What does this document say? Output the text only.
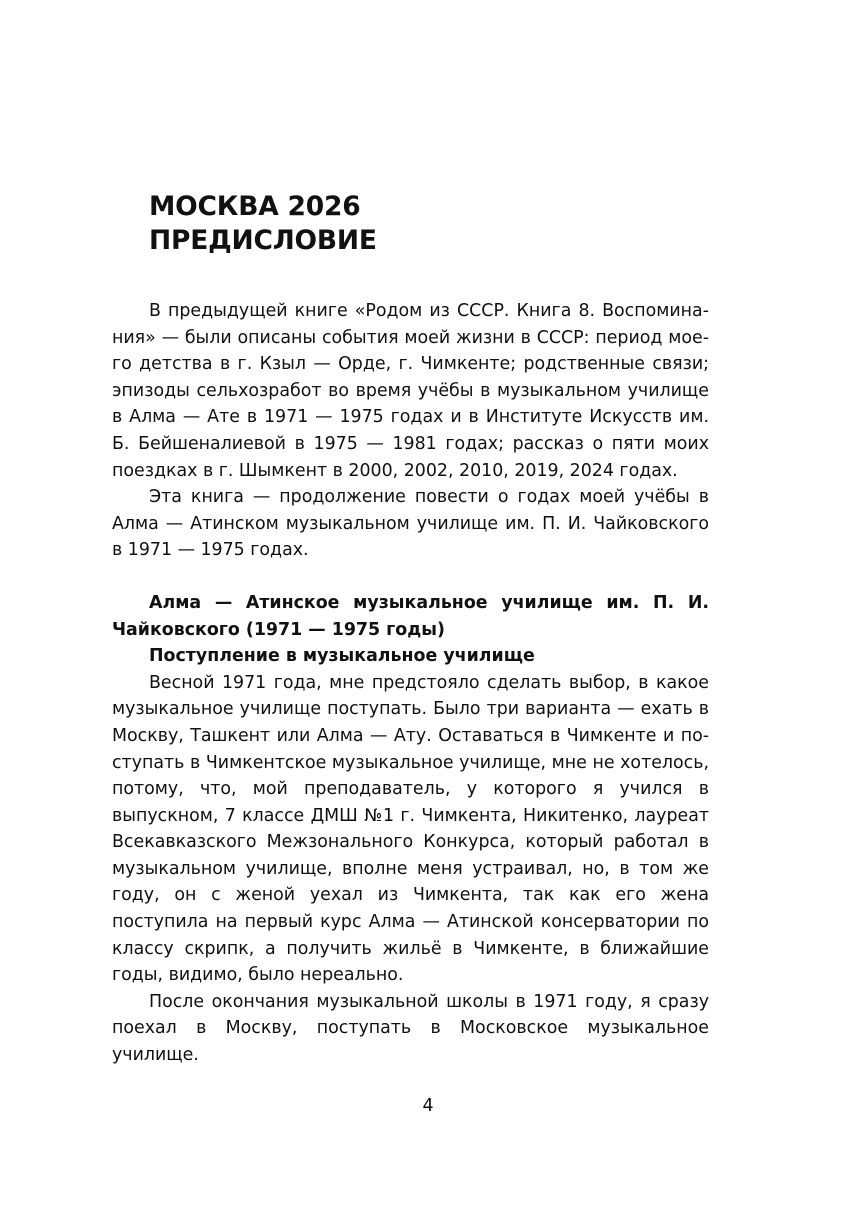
МОСКВА 2026
ПРЕДИСЛОВИЕ

В предыдущей книге «Родом из СССР. Книга 8. Воспоминания» — были описаны события моей жизни в СССР: период моего детства в г. Кзыл — Орде, г. Чимкенте; родственные связи; эпизоды сельхозработ во время учёбы в музыкальном училище в Алма — Ате в 1971 — 1975 годах и в Институте Искусств им. Б. Бейшеналиевой в 1975 — 1981 годах; рассказ о пяти моих поездках в г. Шымкент в 2000, 2002, 2010, 2019, 2024 годах.

Эта книга — продолжение повести о годах моей учёбы в Алма — Атинском музыкальном училище им. П. И. Чайковского в 1971 — 1975 годах.

Алма — Атинское музыкальное училище им. П. И. Чайковского (1971 — 1975 годы)

Поступление в музыкальное училище

Весной 1971 года, мне предстояло сделать выбор, в какое музыкальное училище поступать. Было три варианта — ехать в Москву, Ташкент или Алма — Ату. Оставаться в Чимкенте и поступать в Чимкентское музыкальное училище, мне не хотелось, потому, что, мой преподаватель, у которого я учился в выпускном, 7 классе ДМШ №1 г. Чимкента, Никитенко, лауреат Всекавказского Межзонального Конкурса, который работал в музыкальном училище, вполне меня устраивал, но, в том же году, он с женой уехал из Чимкента, так как его жена поступила на первый курс Алма — Атинской консерватории по классу скрипк, а получить жильё в Чимкенте, в ближайшие годы, видимо, было нереально.

После окончания музыкальной школы в 1971 году, я сразу поехал в Москву, поступать в Московское музыкальное училище.

4
